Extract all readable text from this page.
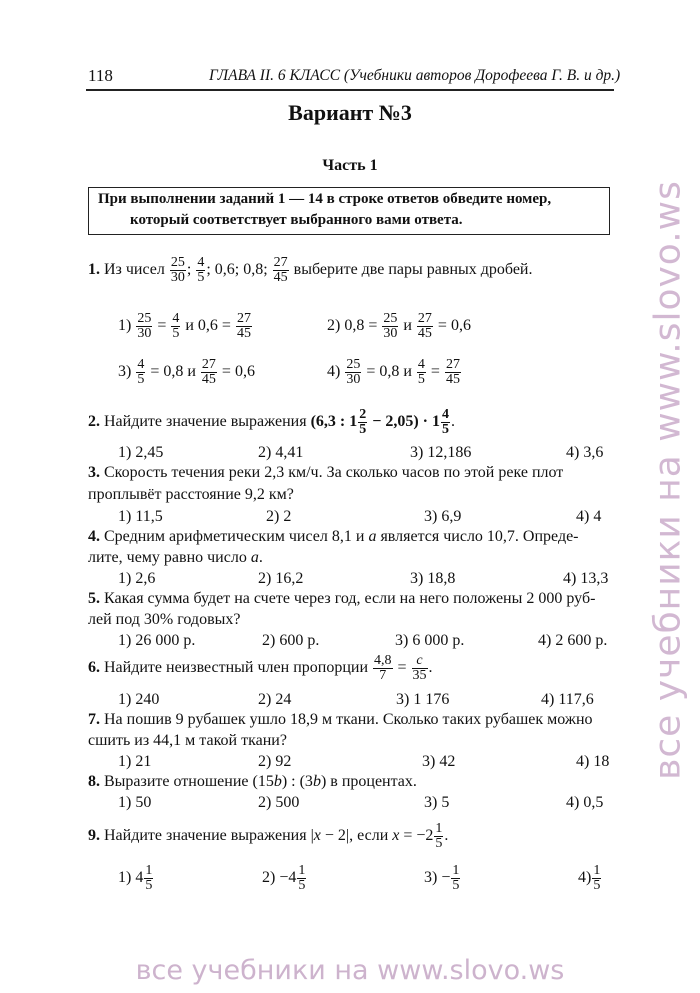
118	ГЛАВА II. 6 КЛАСС (Учебники авторов Дорофеева Г. В. и др.)
Вариант №3
Часть 1
При выполнении заданий 1 — 14 в строке ответов обведите номер,
который соответствует выбранного вами ответа.
1. Из чисел $\frac{25}{30}$ ; $\frac{4}{5}$ ; 0,6; 0,8; $\frac{27}{45}$ выберите две пары равных дробей.
$1) \frac{25}{30} = \frac{4}{5}$ и $0,6 = \frac{27}{45}$	2) $0,8 = \frac{25}{30}$ и $\frac{27}{45} = 0,6$
$3) \frac{4}{5} = 0,8$ и $\frac{27}{45} = 0,6$	$4) \frac{25}{30} = 0,8$ и $\frac{4}{5} = \frac{27}{45}$
2. Найдите значение выражения (6,3 : $1 \frac{2}{5} - 2,05) \cdot 1 \frac{4}{5}$ .
1) 2,45	2) 4,41	3) 12,186	4) 3,6
3. Скорость течения реки 2,3 км/ч. За сколько часов по этой реке плот
проплывёт расстояние 9,2 км?
1) 11,5	2) 2	3) 6,9	4) 4
4. Средним арифметическим чисел 8,1 и a является число 10,7. Опреде-
лите, чему равно число a.
1) 2,6	2) 16,2	3) 18,8	4) 13,3
5. Какая сумма будет на счете через год, если на него положены 2 000 руб-
лей под 30% годовых?
1) 26 000 р.	2) 600 р.	3) 6 000 р.	4) 2 600 р.
6. Найдите неизвестный член пропорции $\frac{4,8}{7} = \frac{c}{35}$ .
1) 240	2) 24	3) 1 176	4) 117,6
7. На пошив 9 рубашек ушло 18,9 м ткани. Сколько таких рубашек можно
сшить из 44,1 м такой ткани?
1) 21	2) 92	3) 42	4) 18
8. Выразите отношение (15b) : (3b) в процентах.
1) 50	2) 500	3) 5	4) 0,5
9. Найдите значение выражения |x − 2|, если $x = -2 \frac{1}{5}$ .
1) $4 \frac{1}{5}$	$2) -4 \frac{1}{5}$	$3) - \frac{1}{5}$	$4) \frac{1}{5}$
все учебники на www.slovo.ws
все учебники на www.slovo.ws
